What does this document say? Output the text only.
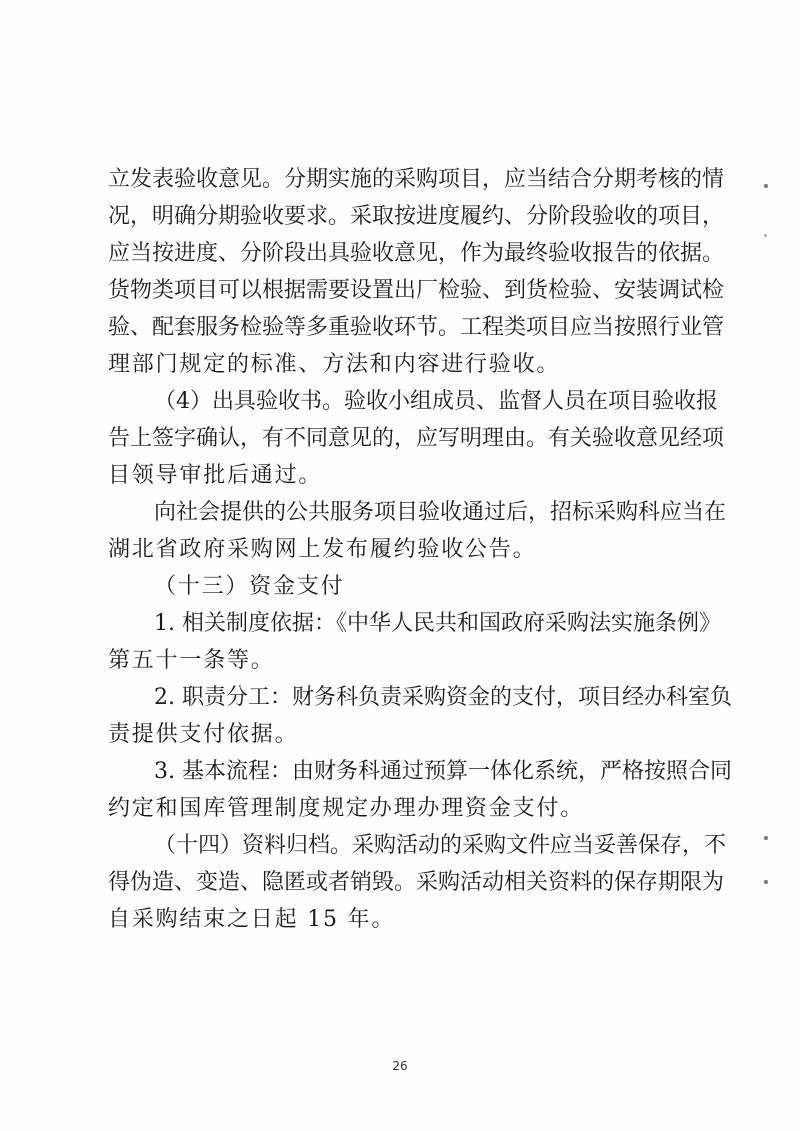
立发表验收意见。分期实施的采购项目，应当结合分期考核的情
况，明确分期验收要求。采取按进度履约、分阶段验收的项目，
应当按进度、分阶段出具验收意见，作为最终验收报告的依据。
货物类项目可以根据需要设置出厂检验、到货检验、安装调试检
验、配套服务检验等多重验收环节。工程类项目应当按照行业管
理部门规定的标准、方法和内容进行验收。
（4）出具验收书。验收小组成员、监督人员在项目验收报
告上签字确认，有不同意见的，应写明理由。有关验收意见经项
目领导审批后通过。
向社会提供的公共服务项目验收通过后，招标采购科应当在
湖北省政府采购网上发布履约验收公告。
（十三）资金支付
1. 相关制度依据：《中华人民共和国政府采购法实施条例》
第五十一条等。
2. 职责分工：财务科负责采购资金的支付，项目经办科室负
责提供支付依据。
3. 基本流程：由财务科通过预算一体化系统，严格按照合同
约定和国库管理制度规定办理办理资金支付。
（十四）资料归档。采购活动的采购文件应当妥善保存，不
得伪造、变造、隐匿或者销毁。采购活动相关资料的保存期限为
自采购结束之日起 15 年。
26
